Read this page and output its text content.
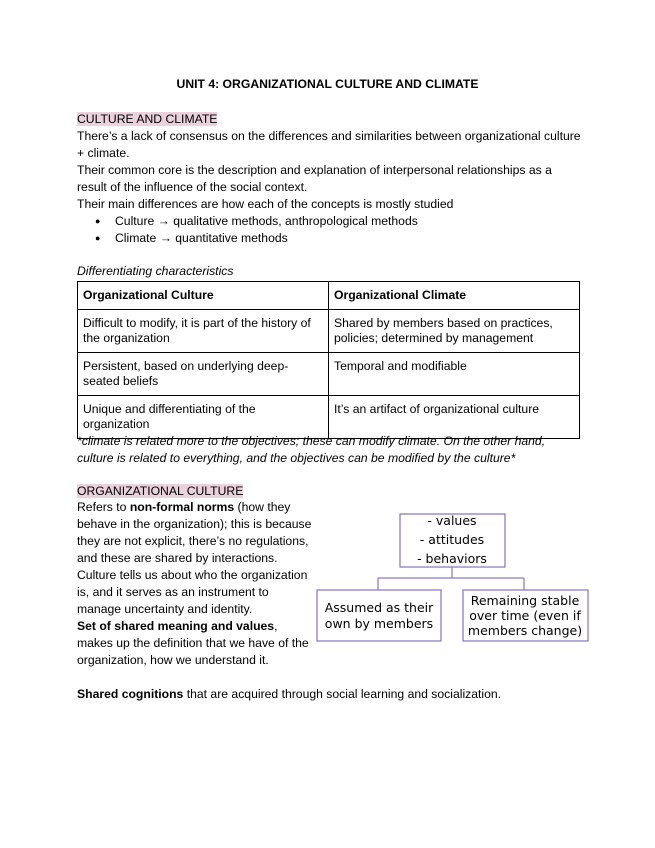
UNIT 4: ORGANIZATIONAL CULTURE AND CLIMATE
CULTURE AND CLIMATE
There’s a lack of consensus on the differences and similarities between organizational culture + climate.
Their common core is the description and explanation of interpersonal relationships as a result of the influence of the social context.
Their main differences are how each of the concepts is mostly studied
● Culture → qualitative methods, anthropological methods
● Climate → quantitative methods
Differentiating characteristics
Organizational Culture	Organizational Climate
Difficult to modify, it is part of the history of the organization	Shared by members based on practices, policies; determined by management
Persistent, based on underlying deep-seated beliefs	Temporal and modifiable
Unique and differentiating of the organization	It’s an artifact of organizational culture
*climate is related more to the objectives; these can modify climate. On the other hand, culture is related to everything, and the objectives can be modified by the culture*
ORGANIZATIONAL CULTURE
Refers to non-formal norms (how they behave in the organization); this is because they are not explicit, there’s no regulations, and these are shared by interactions. Culture tells us about who the organization is, and it serves as an instrument to manage uncertainty and identity.
Set of shared meaning and values, makes up the definition that we have of the organization, how we understand it.
Shared cognitions that are acquired through social learning and socialization.
- values
- attitudes
- behaviors
Assumed as their
own by members
Remaining stable
over time (even if
members change)
